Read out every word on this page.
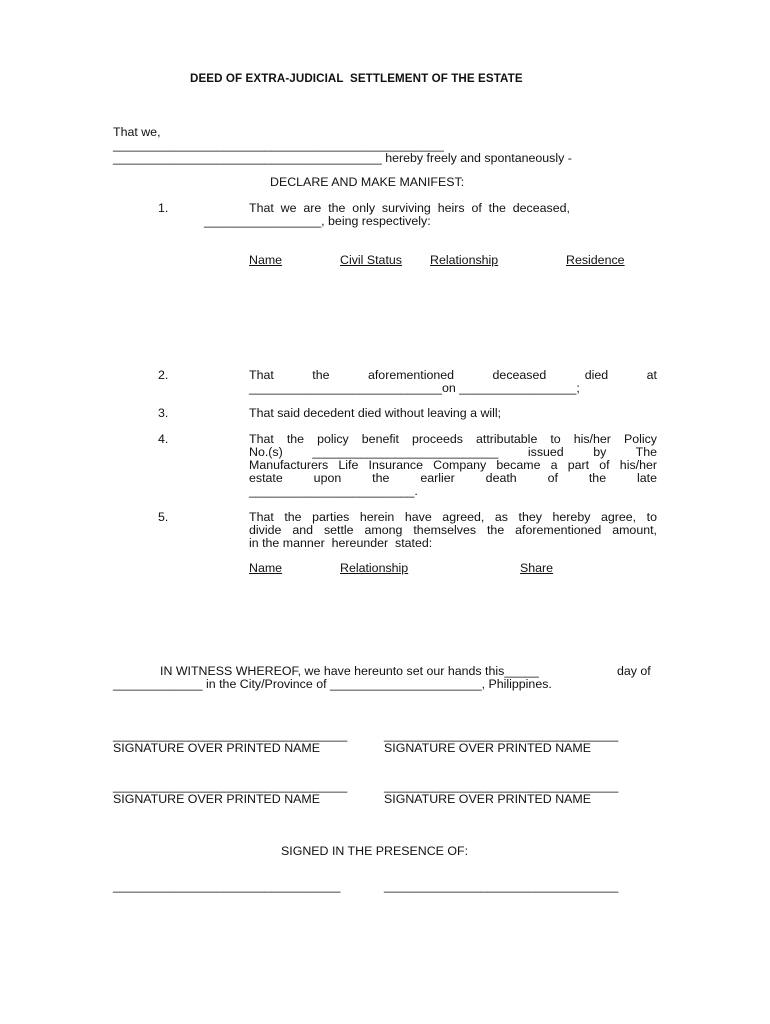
DEED OF EXTRA-JUDICIAL  SETTLEMENT OF THE ESTATE
That we,
________________________________________________
_______________________________________ hereby freely and spontaneously -
DECLARE AND MAKE MANIFEST:
1.	That  we  are  the  only  surviving  heirs  of  the  deceased,
_________________, being respectively:
Name	Civil Status Relationship	Residence
2.	That the aforementioned deceased died at
____________________________on _________________;
3.	That said decedent died without leaving a will;
4.	That the policy benefit proceeds attributable to his/her Policy
No.(s) ___________________________ issued by The
Manufacturers Life Insurance Company became a part of his/her
estate upon the earlier death of the late
________________________.
5.	That the parties herein have agreed, as they hereby agree, to
divide and settle among themselves the aforementioned amount,
in the manner  hereunder  stated:
Name	Relationship	Share
IN WITNESS WHEREOF, we have hereunto set our hands this_____	day of
_____________ in the City/Province of ______________________, Philippines.
__________________________________
SIGNATURE OVER PRINTED NAME
__________________________________
SIGNATURE OVER PRINTED NAME
__________________________________
SIGNATURE OVER PRINTED NAME
__________________________________
SIGNATURE OVER PRINTED NAME
SIGNED IN THE PRESENCE OF:
_________________________________	__________________________________
